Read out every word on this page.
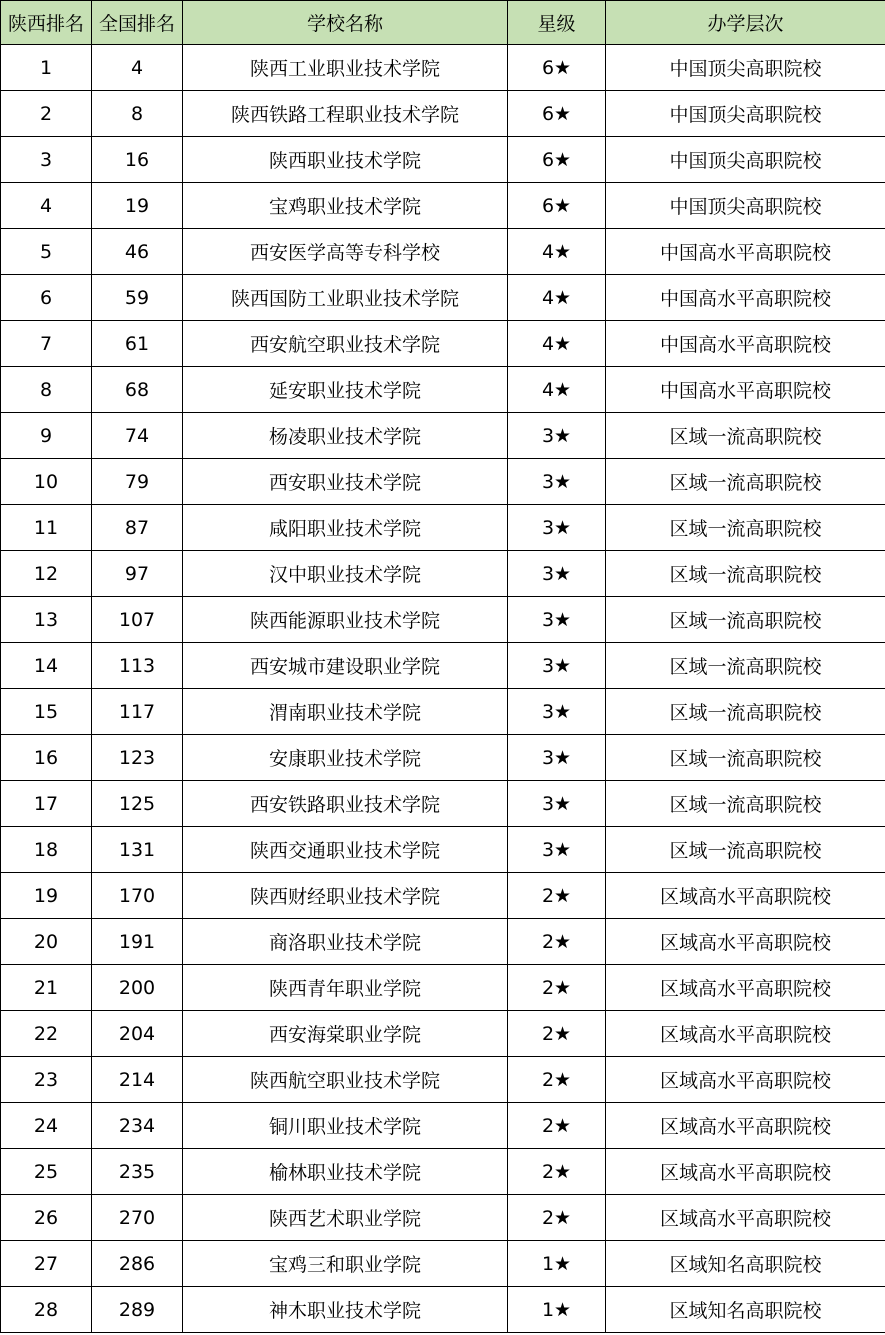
陕西排名	全国排名	学校名称	星级	办学层次
1	4	陕西工业职业技术学院	6★	中国顶尖高职院校
2	8	陕西铁路工程职业技术学院	6★	中国顶尖高职院校
3	16	陕西职业技术学院	6★	中国顶尖高职院校
4	19	宝鸡职业技术学院	6★	中国顶尖高职院校
5	46	西安医学高等专科学校	4★	中国高水平高职院校
6	59	陕西国防工业职业技术学院	4★	中国高水平高职院校
7	61	西安航空职业技术学院	4★	中国高水平高职院校
8	68	延安职业技术学院	4★	中国高水平高职院校
9	74	杨凌职业技术学院	3★	区域一流高职院校
10	79	西安职业技术学院	3★	区域一流高职院校
11	87	咸阳职业技术学院	3★	区域一流高职院校
12	97	汉中职业技术学院	3★	区域一流高职院校
13	107	陕西能源职业技术学院	3★	区域一流高职院校
14	113	西安城市建设职业学院	3★	区域一流高职院校
15	117	渭南职业技术学院	3★	区域一流高职院校
16	123	安康职业技术学院	3★	区域一流高职院校
17	125	西安铁路职业技术学院	3★	区域一流高职院校
18	131	陕西交通职业技术学院	3★	区域一流高职院校
19	170	陕西财经职业技术学院	2★	区域高水平高职院校
20	191	商洛职业技术学院	2★	区域高水平高职院校
21	200	陕西青年职业学院	2★	区域高水平高职院校
22	204	西安海棠职业学院	2★	区域高水平高职院校
23	214	陕西航空职业技术学院	2★	区域高水平高职院校
24	234	铜川职业技术学院	2★	区域高水平高职院校
25	235	榆林职业技术学院	2★	区域高水平高职院校
26	270	陕西艺术职业学院	2★	区域高水平高职院校
27	286	宝鸡三和职业学院	1★	区域知名高职院校
28	289	神木职业技术学院	1★	区域知名高职院校
